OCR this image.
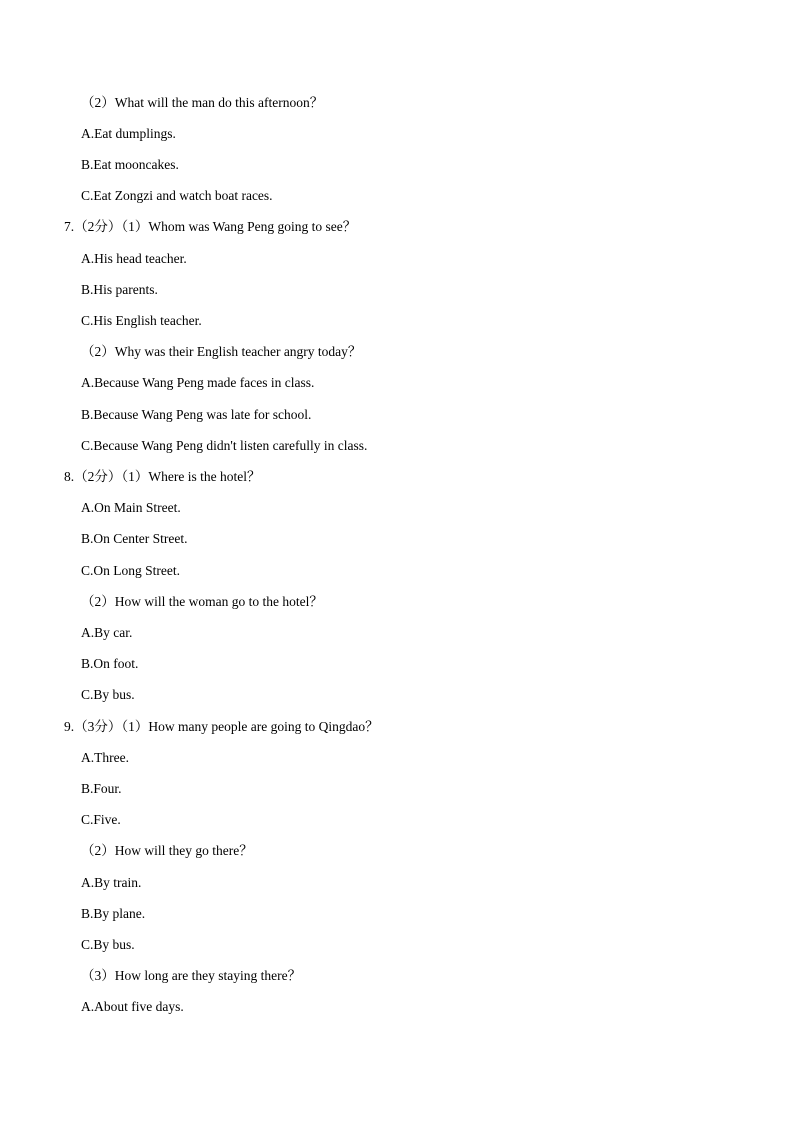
（2）What will the man do this afternoon？
A.Eat dumplings.
B.Eat mooncakes.
C.Eat Zongzi and watch boat races.
7.（2分）（1）Whom was Wang Peng going to see？
A.His head teacher.
B.His parents.
C.His English teacher.
（2）Why was their English teacher angry today？
A.Because Wang Peng made faces in class.
B.Because Wang Peng was late for school.
C.Because Wang Peng didn't listen carefully in class.
8.（2分）（1）Where is the hotel？
A.On Main Street.
B.On Center Street.
C.On Long Street.
（2）How will the woman go to the hotel？
A.By car.
B.On foot.
C.By bus.
9.（3分）（1）How many people are going to Qingdao？
A.Three.
B.Four.
C.Five.
（2）How will they go there？
A.By train.
B.By plane.
C.By bus.
（3）How long are they staying there？
A.About five days.
